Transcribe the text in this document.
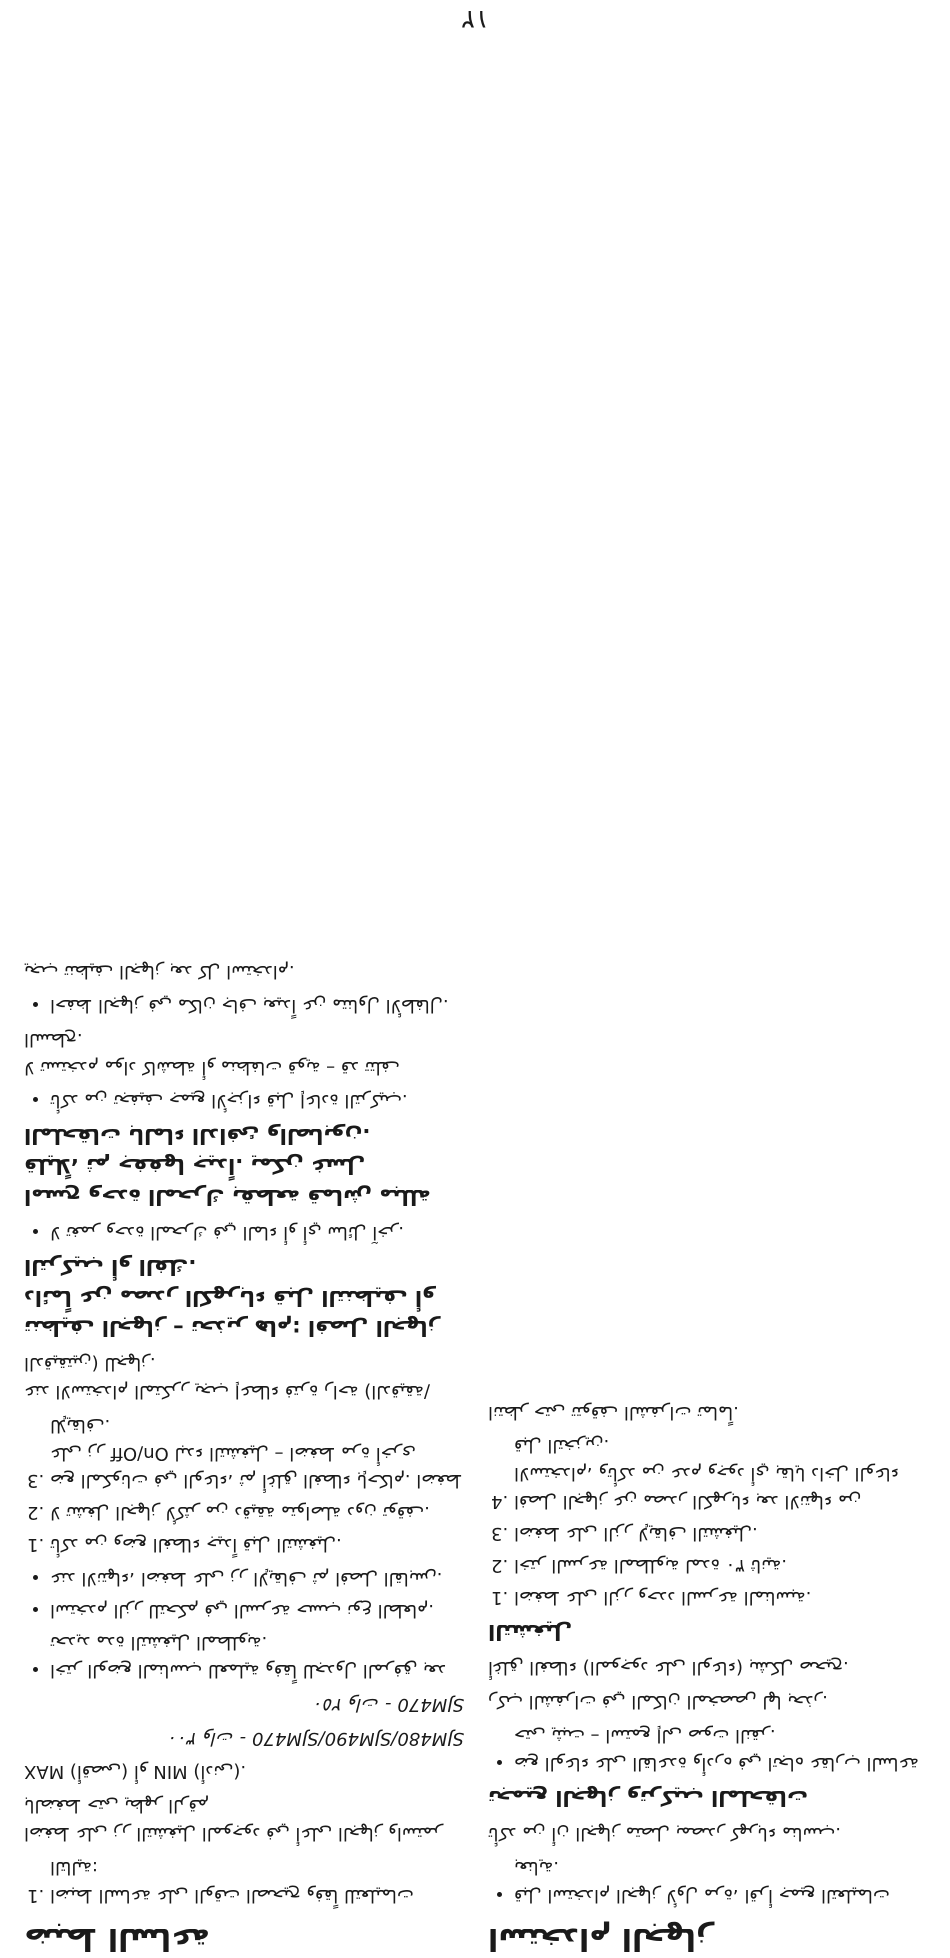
١٢
ضبط الساعة
1. اضبط الساعة على الوقت الصحيح وفقاً للتعليمات التالية:

اضغط على زر التشغيل الموجود في أعلى الجهاز واستمر بالضغط حتى يظهر الرقم

MAX (أقصى) أو MIN (أدنى).

SJM480/SJM490/SJM470 - ٣٠٠ وات

SJM470 - ٢٥٠ وات

• اختر الوضع المناسب للعملية وفقاً للجدول المرفق بعد تحديد مدة التشغيل المطلوبة.
• استخدم الزر للتحكم في السرعة حسب نوع الطعام.
• عند الانتهاء، اضغط على زر الإيقاف ثم افصل القابس.
1. تأكد من وضع الغطاء جيداً قبل التشغيل.
2. لا تشغل الجهاز لأكثر من دقيقة متواصلة دون توقف.
3. ضع المكونات في الوعاء، ثم أغلق الغطاء بإحكام. اضغط على زر On/Off لبدء التشغيل – اضغط مرة أخرى للإيقاف.

عند الاستخدام المتكرر يجب إعطاء فترة راحة (الدقيقة/الدقيقتين) للجهاز.

تنظيف الجهاز – تحذير هام: افصل الجهاز دائماً عن مصدر الكهرباء قبل التنظيف أو التركيب أو الفك.
• لا تغمر وحدة المحرك في الماء أو أي سائل آخر.
امسح وحدة المحرك بقطعة قماش مبللة قليلاً، ثم جففها جيداً. يمكن غسل الملحقات بالماء الدافئ والصابون.
• تأكد من تجفيف جميع الأجزاء قبل إعادة التركيب.

لا تستخدم مواد كاشطة أو منظفات قوية – قد تتلف السطح.

• احفظ الجهاز في مكان جاف بعيداً عن متناول الأطفال.

يجب تنظيف الجهاز بعد كل استخدام.

استخدام الجهاز
• قبل استخدام الجهاز لأول مرة، اقرأ جميع التعليمات بعناية.

تأكد من أن الجهاز متصل بمصدر كهرباء مناسب.

تجميع الجهاز وتركيب الملحقات
• ضع الوعاء على القاعدة وأدره في اتجاه عقارب الساعة حتى يثبت – استمع إلى صوت النقر.

ركب الشفرات في المكان المخصص لها بحذر.

أغلق الغطاء (الموجود على الوعاء) بشكل صحيح.

التشغيل
1. اضغط على الزر وحدد السرعة المناسبة.
2. اختر السرعة المطلوبة لمدة ٣٠ ثانية.
3. اضغط على الزر لإيقاف التشغيل.
4. افصل الجهاز عن مصدر الكهرباء بعد الانتهاء من الاستخدام، وتأكد من عدم وجود أي بقايا داخل الوعاء قبل التخزين.

انتظر حتى تتوقف الشفرات تماماً.
